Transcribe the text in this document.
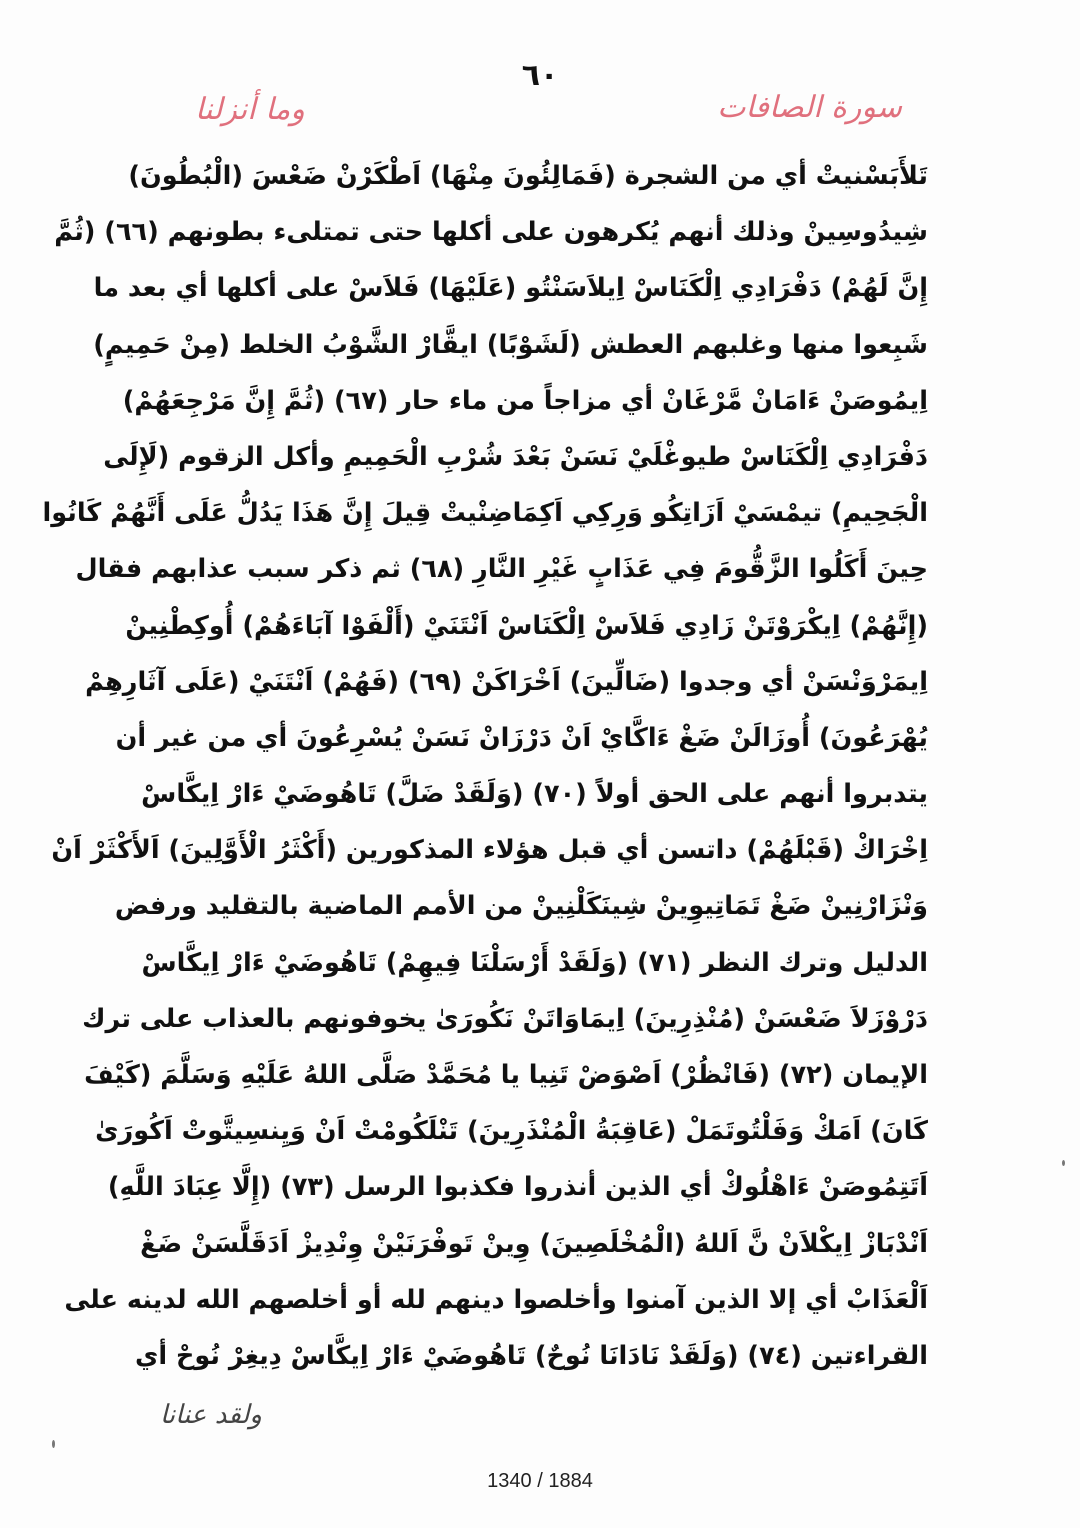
٦٠
سورة الصافات
وما أنزلنا
تَلأَبَسْنيتْ أي من الشجرة (فَمَالِئُونَ مِنْهَا) اَطْكَرْنْ ضَعْسَ (الْبُطُونَ)
شِيدُوسِينْ وذلك أنهم يُكرهون على أكلها حتى تمتلىء بطونهم (٦٦) (ثُمَّ
إِنَّ لَهُمْ) دَفْرَادِي اِلْكَنَاسْ اِيلاَسَنْتُو (عَلَيْهَا) فَلاَسْ على أكلها أي بعد ما
شَبِعوا منها وغلبهم العطش (لَشَوْبًا) ايقَّارْ الشَّوْبُ الخلط (مِنْ حَمِيمٍ)
اِيمُوصَنْ ءَامَانْ مَّرْغَانْ أي مزاجاً من ماء حار (٦٧) (ثُمَّ إِنَّ مَرْجِعَهُمْ)
دَفْرَادِي اِلْكَنَاسْ طيوغْلَيْ نَسَنْ بَعْدَ شُرْبِ الْحَمِيمِ وأكل الزقوم (لَإِلَى
الْجَحِيمِ) تيمْسَيْ اَزَاتِكُو وَرِكِي اَكِمَاضِنْيتْ قِيلَ إِنَّ هَذَا يَدُلُّ عَلَى أَنَّهُمْ كَانُوا
حِينَ أَكَلُوا الزَّقُّومَ فِي عَذَابٍ غَيْرِ النَّارِ (٦٨) ثم ذكر سبب عذابهم فقال
(إِنَّهُمْ) اِيكْرَوْتَنْ زَادِي فَلاَسْ اِلْكَنَاسْ اَنْتَنَيْ (أَلْفَوْا آبَاءَهُمْ) أُوكِطْنِينْ
اِيمَرْوَنْسَنْ أي وجدوا (ضَالِّينَ) اَخْرَاكَنْ (٦٩) (فَهُمْ) اَنْتَنَيْ (عَلَى آثَارِهِمْ
يُهْرَعُونَ) أُوزَالَنْ ضَغْ ءَاكَّايْ اَنْ دَرْزَانْ نَسَنْ يُسْرِعُونَ أي من غير أن
يتدبروا أنهم على الحق أولاً (٧٠) (وَلَقَدْ ضَلَّ) تَاهُوضَيْ ءَارْ اِيكَّاسْ
اِخْرَاكْ (قَبْلَهُمْ) داتسن أي قبل هؤلاء المذكورين (أَكْثَرُ الْأَوَّلِينَ) اَلأَكْثَرْ اَنْ
وَنْزَارْنِينْ ضَغْ تَمَاتِيوِينْ شِينَكَلْنِينْ من الأمم الماضية بالتقليد ورفض
الدليل وترك النظر (٧١) (وَلَقَدْ أَرْسَلْنَا فِيهِمْ) تَاهُوضَيْ ءَارْ اِيكَّاسْ
دَرْوْزَلاَ ضَعْسَنْ (مُنْذِرِينَ) اِيمَاوَاتَنْ نَكُورَىٰ يخوفونهم بالعذاب على ترك
الإيمان (٧٢) (فَانْظُرْ) اَصْوَضْ تَنِيا يا مُحَمَّدْ صَلَّى اللهُ عَلَيْهِ وَسَلَّمَ (كَيْفَ
كَانَ) اَمَكْ وَفَلْتُوتَمَلْ (عَاقِبَةُ الْمُنْذَرِينَ) تَنْلَكُومْتْ اَنْ وَيِنسِيتَّوتْ اَكُورَىٰ
اَتَتِمُوصَنْ ءَاهْلُوكْ أي الذين أنذروا فكذبوا الرسل (٧٣) (إِلَّا عِبَادَ اللَّهِ)
اَنْدْبَازْ اِيكْلاَنْ نَّ اَللهُ (الْمُخْلَصِينَ) وِينْ تَوفْرَنَيْنْ وِنْدِيزْ اَدَقَلَّسَنْ ضَغْ
اَلْعَذَابْ أي إلا الذين آمنوا وأخلصوا دينهم لله أو أخلصهم الله لدينه على
القراءتين (٧٤) (وَلَقَدْ نَادَانَا نُوحٌ) تَاهُوضَيْ ءَارْ اِيكَّاسْ دِيغِرْ نُوحْ أي
ولقد عنانا
1340 / 1884
